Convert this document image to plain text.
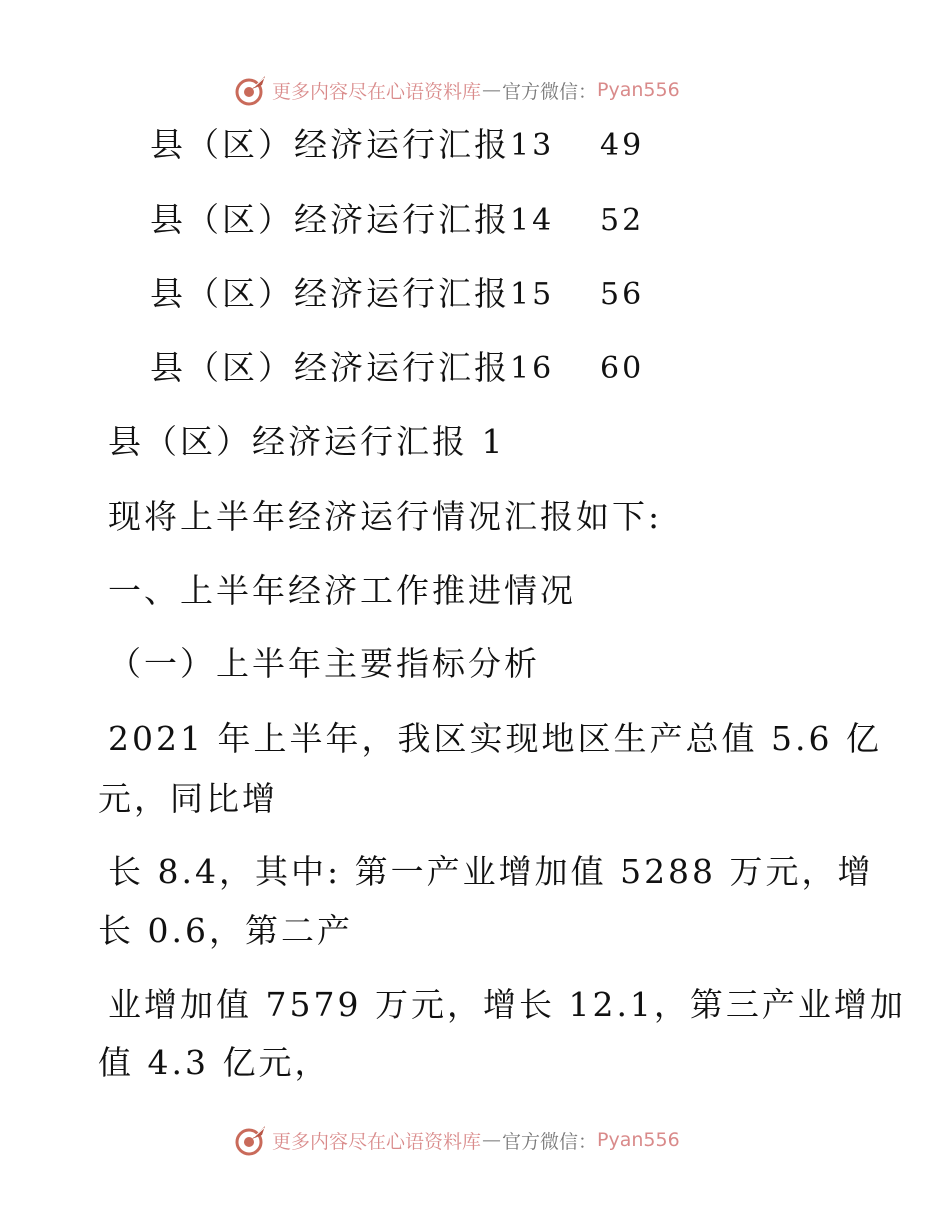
更多内容尽在心语资料库 — 官方微信： Pyan556
县（区）经济运行汇报 13 49
县（区）经济运行汇报 14 52
县（区）经济运行汇报 15 56
县（区）经济运行汇报 16 60
县（区）经济运行汇报 1
现将上半年经济运行情况汇报如下:
一、上半年经济工作推进情况
（一）上半年主要指标分析
2021 年上半年，我区实现地区生产总值 5.6 亿
元，同比增
长 8.4，其中: 第一产业增加值 5288 万元，增
长 0.6，第二产
业增加值 7579 万元，增长 12.1，第三产业增加
值 4.3 亿元，
更多内容尽在心语资料库 — 官方微信： Pyan556
